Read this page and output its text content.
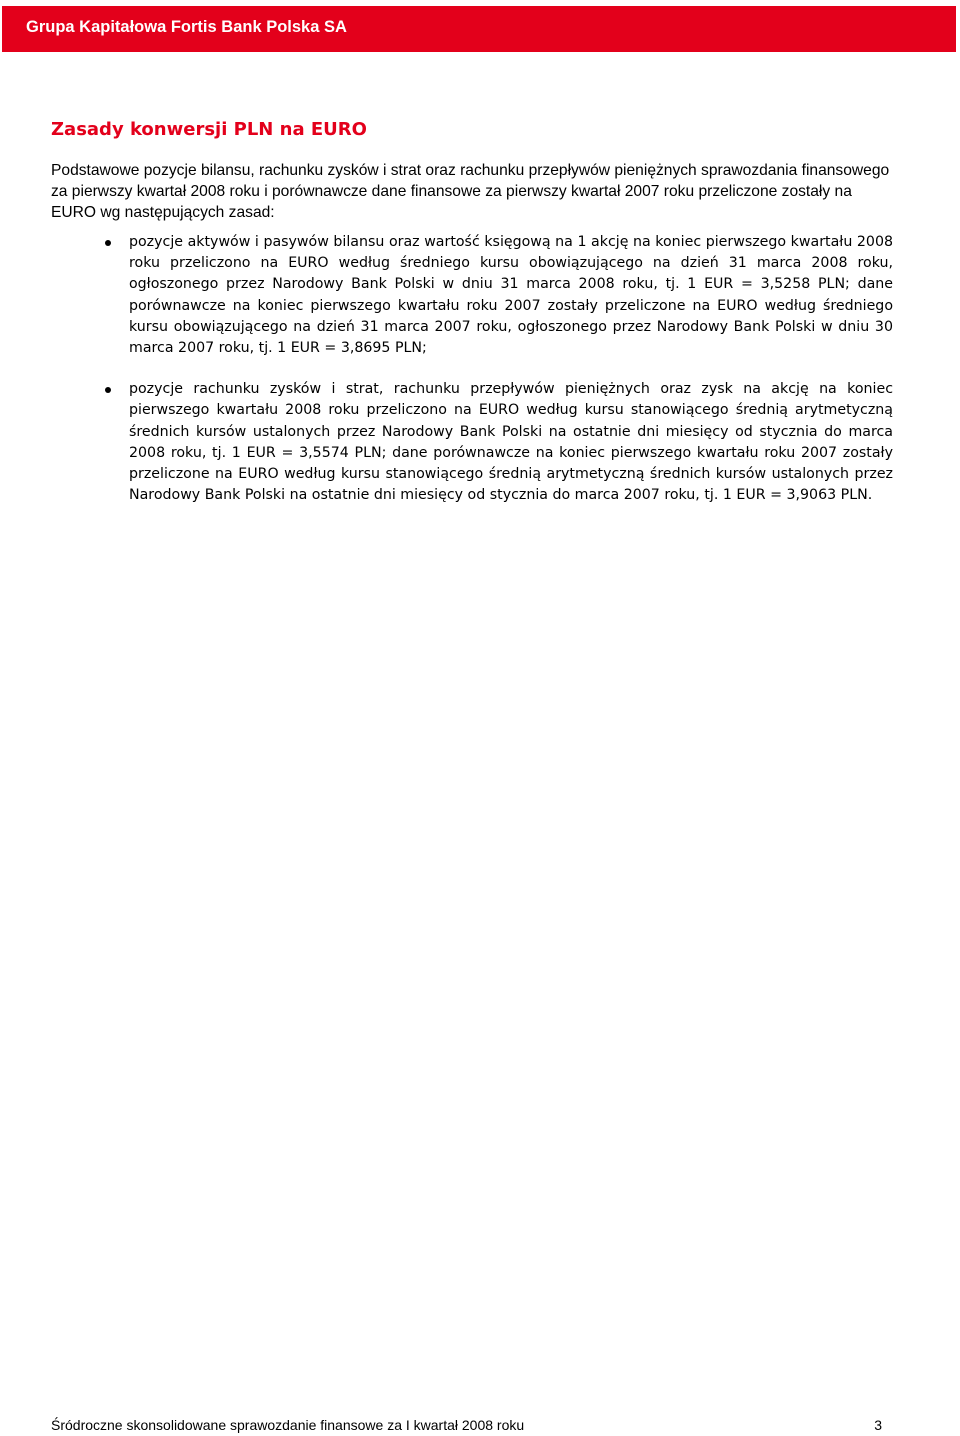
Grupa Kapitałowa Fortis Bank Polska SA
Zasady konwersji PLN na EURO
Podstawowe pozycje bilansu, rachunku zysków i strat oraz rachunku przepływów pieniężnych sprawozdania finansowego za pierwszy kwartał 2008 roku i porównawcze dane finansowe za pierwszy kwartał 2007 roku przeliczone zostały na EURO wg następujących zasad:
pozycje aktywów i pasywów bilansu oraz wartość księgową na 1 akcję na koniec pierwszego kwartału 2008 roku przeliczono na EURO według średniego kursu obowiązującego na dzień 31 marca 2008 roku, ogłoszonego przez Narodowy Bank Polski w dniu 31 marca 2008 roku, tj. 1 EUR = 3,5258 PLN; dane porównawcze na koniec pierwszego kwartału roku 2007 zostały przeliczone na EURO według średniego kursu obowiązującego na dzień 31 marca 2007 roku, ogłoszonego przez Narodowy Bank Polski w dniu 30 marca 2007 roku, tj. 1 EUR = 3,8695 PLN;
pozycje rachunku zysków i strat, rachunku przepływów pieniężnych oraz zysk na akcję na koniec pierwszego kwartału 2008 roku przeliczono na EURO według kursu stanowiącego średnią arytmetyczną średnich kursów ustalonych przez Narodowy Bank Polski na ostatnie dni miesięcy od stycznia do marca 2008 roku, tj. 1 EUR = 3,5574 PLN; dane porównawcze na koniec pierwszego kwartału roku 2007 zostały przeliczone na EURO według kursu stanowiącego średnią arytmetyczną średnich kursów ustalonych przez Narodowy Bank Polski na ostatnie dni miesięcy od stycznia do marca 2007 roku, tj. 1 EUR = 3,9063 PLN.
Śródroczne skonsolidowane sprawozdanie finansowe za I kwartał 2008 roku	3
